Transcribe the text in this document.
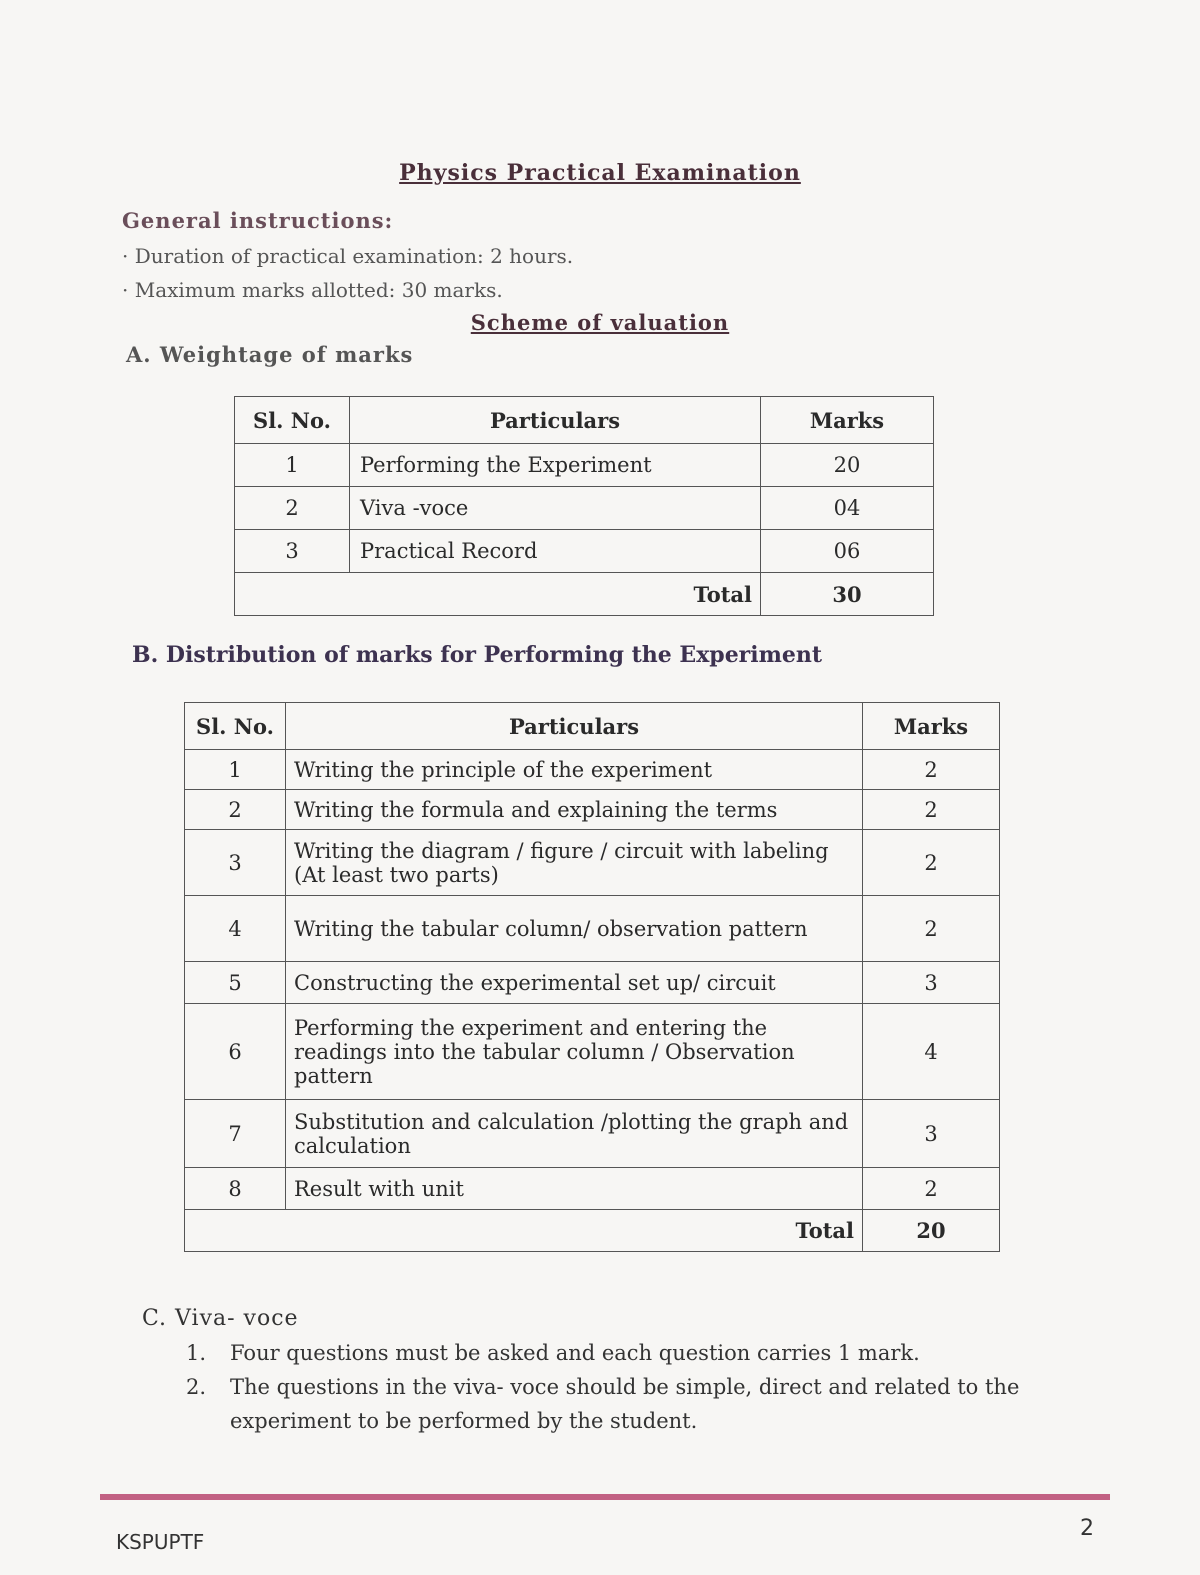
Physics Practical Examination
General instructions:
· Duration of practical examination: 2 hours.
· Maximum marks allotted: 30 marks.
Scheme of valuation
A. Weightage of marks
Sl. No.	Particulars	Marks
1	Performing the Experiment	20
2	Viva -voce	04
3	Practical Record	06
Total		30
B. Distribution of marks for Performing the Experiment
Sl. No.	Particulars	Marks
1	Writing the principle of the experiment	2
2	Writing the formula and explaining the terms	2
3	Writing the diagram / figure / circuit with labeling (At least two parts)	2
4	Writing the tabular column/ observation pattern	2
5	Constructing the experimental set up/ circuit	3
6	Performing the experiment and entering the readings into the tabular column / Observation pattern	4
7	Substitution and calculation /plotting the graph and calculation	3
8	Result with unit	2
Total		20
C. Viva- voce
1. Four questions must be asked and each question carries 1 mark.
2. The questions in the viva- voce should be simple, direct and related to the experiment to be performed by the student.
KSPUPTF
2
